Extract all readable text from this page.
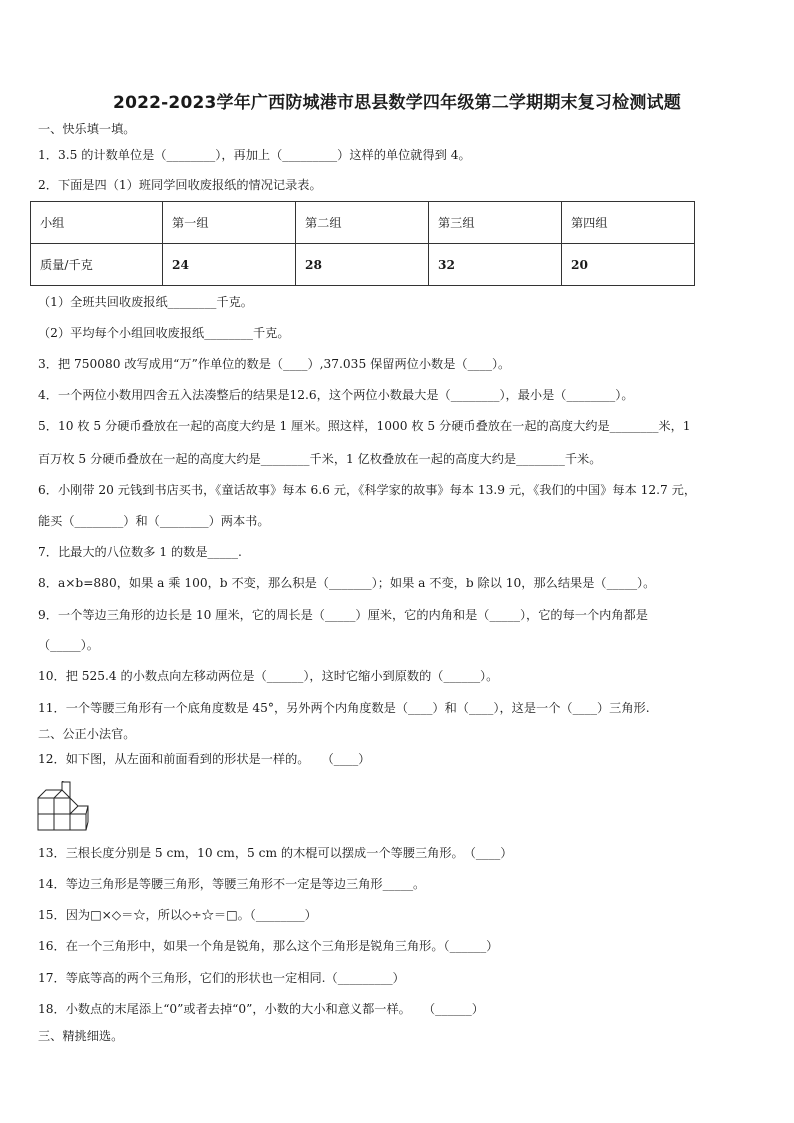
2022-2023学年广西防城港市思县数学四年级第二学期期末复习检测试题
一、快乐填一填。
1．3.5 的计数单位是（________），再加上（_________）这样的单位就得到 4。
2．下面是四（1）班同学回收废报纸的情况记录表。
小组	第一组	第二组	第三组	第四组
质量/千克	24	28	32	20
（1）全班共回收废报纸________千克。
（2）平均每个小组回收废报纸________千克。
3．把 750080 改写成用“万”作单位的数是（____）,37.035 保留两位小数是（____）。
4．一个两位小数用四舍五入法凑整后的结果是12.6，这个两位小数最大是（________），最小是（________）。
5．10 枚 5 分硬币叠放在一起的高度大约是 1 厘米。照这样，1000 枚 5 分硬币叠放在一起的高度大约是________米，1
百万枚 5 分硬币叠放在一起的高度大约是________千米，1 亿枚叠放在一起的高度大约是________千米。
6．小刚带 20 元钱到书店买书，《童话故事》每本 6.6 元，《科学家的故事》每本 13.9 元，《我们的中国》每本 12.7 元，
能买（________）和（________）两本书。
7．比最大的八位数多 1 的数是_____.
8．a×b=880，如果 a 乘 100，b 不变，那么积是（_______）；如果 a 不变，b 除以 10，那么结果是（_____）。
9．一个等边三角形的边长是 10 厘米，它的周长是（_____）厘米，它的内角和是（_____），它的每一个内角都是
（_____）。
10．把 525.4 的小数点向左移动两位是（______），这时它缩小到原数的（______）。
11．一个等腰三角形有一个底角度数是 45°，另外两个内角度数是（____）和（____），这是一个（____）三角形.
二、公正小法官。
12．如下图，从左面和前面看到的形状是一样的。　　（____）
13．三根长度分别是 5 cm，10 cm，5 cm 的木棍可以摆成一个等腰三角形。　（____）
14．等边三角形是等腰三角形，等腰三角形不一定是等边三角形_____。
15．因为□×◇＝☆，所以◇÷☆＝□。（________）
16．在一个三角形中，如果一个角是锐角，那么这个三角形是锐角三角形。（______）
17．等底等高的两个三角形，它们的形状也一定相同.（_________）
18．小数点的末尾添上“0”或者去掉“0”，小数的大小和意义都一样。　　（______）
三、精挑细选。
